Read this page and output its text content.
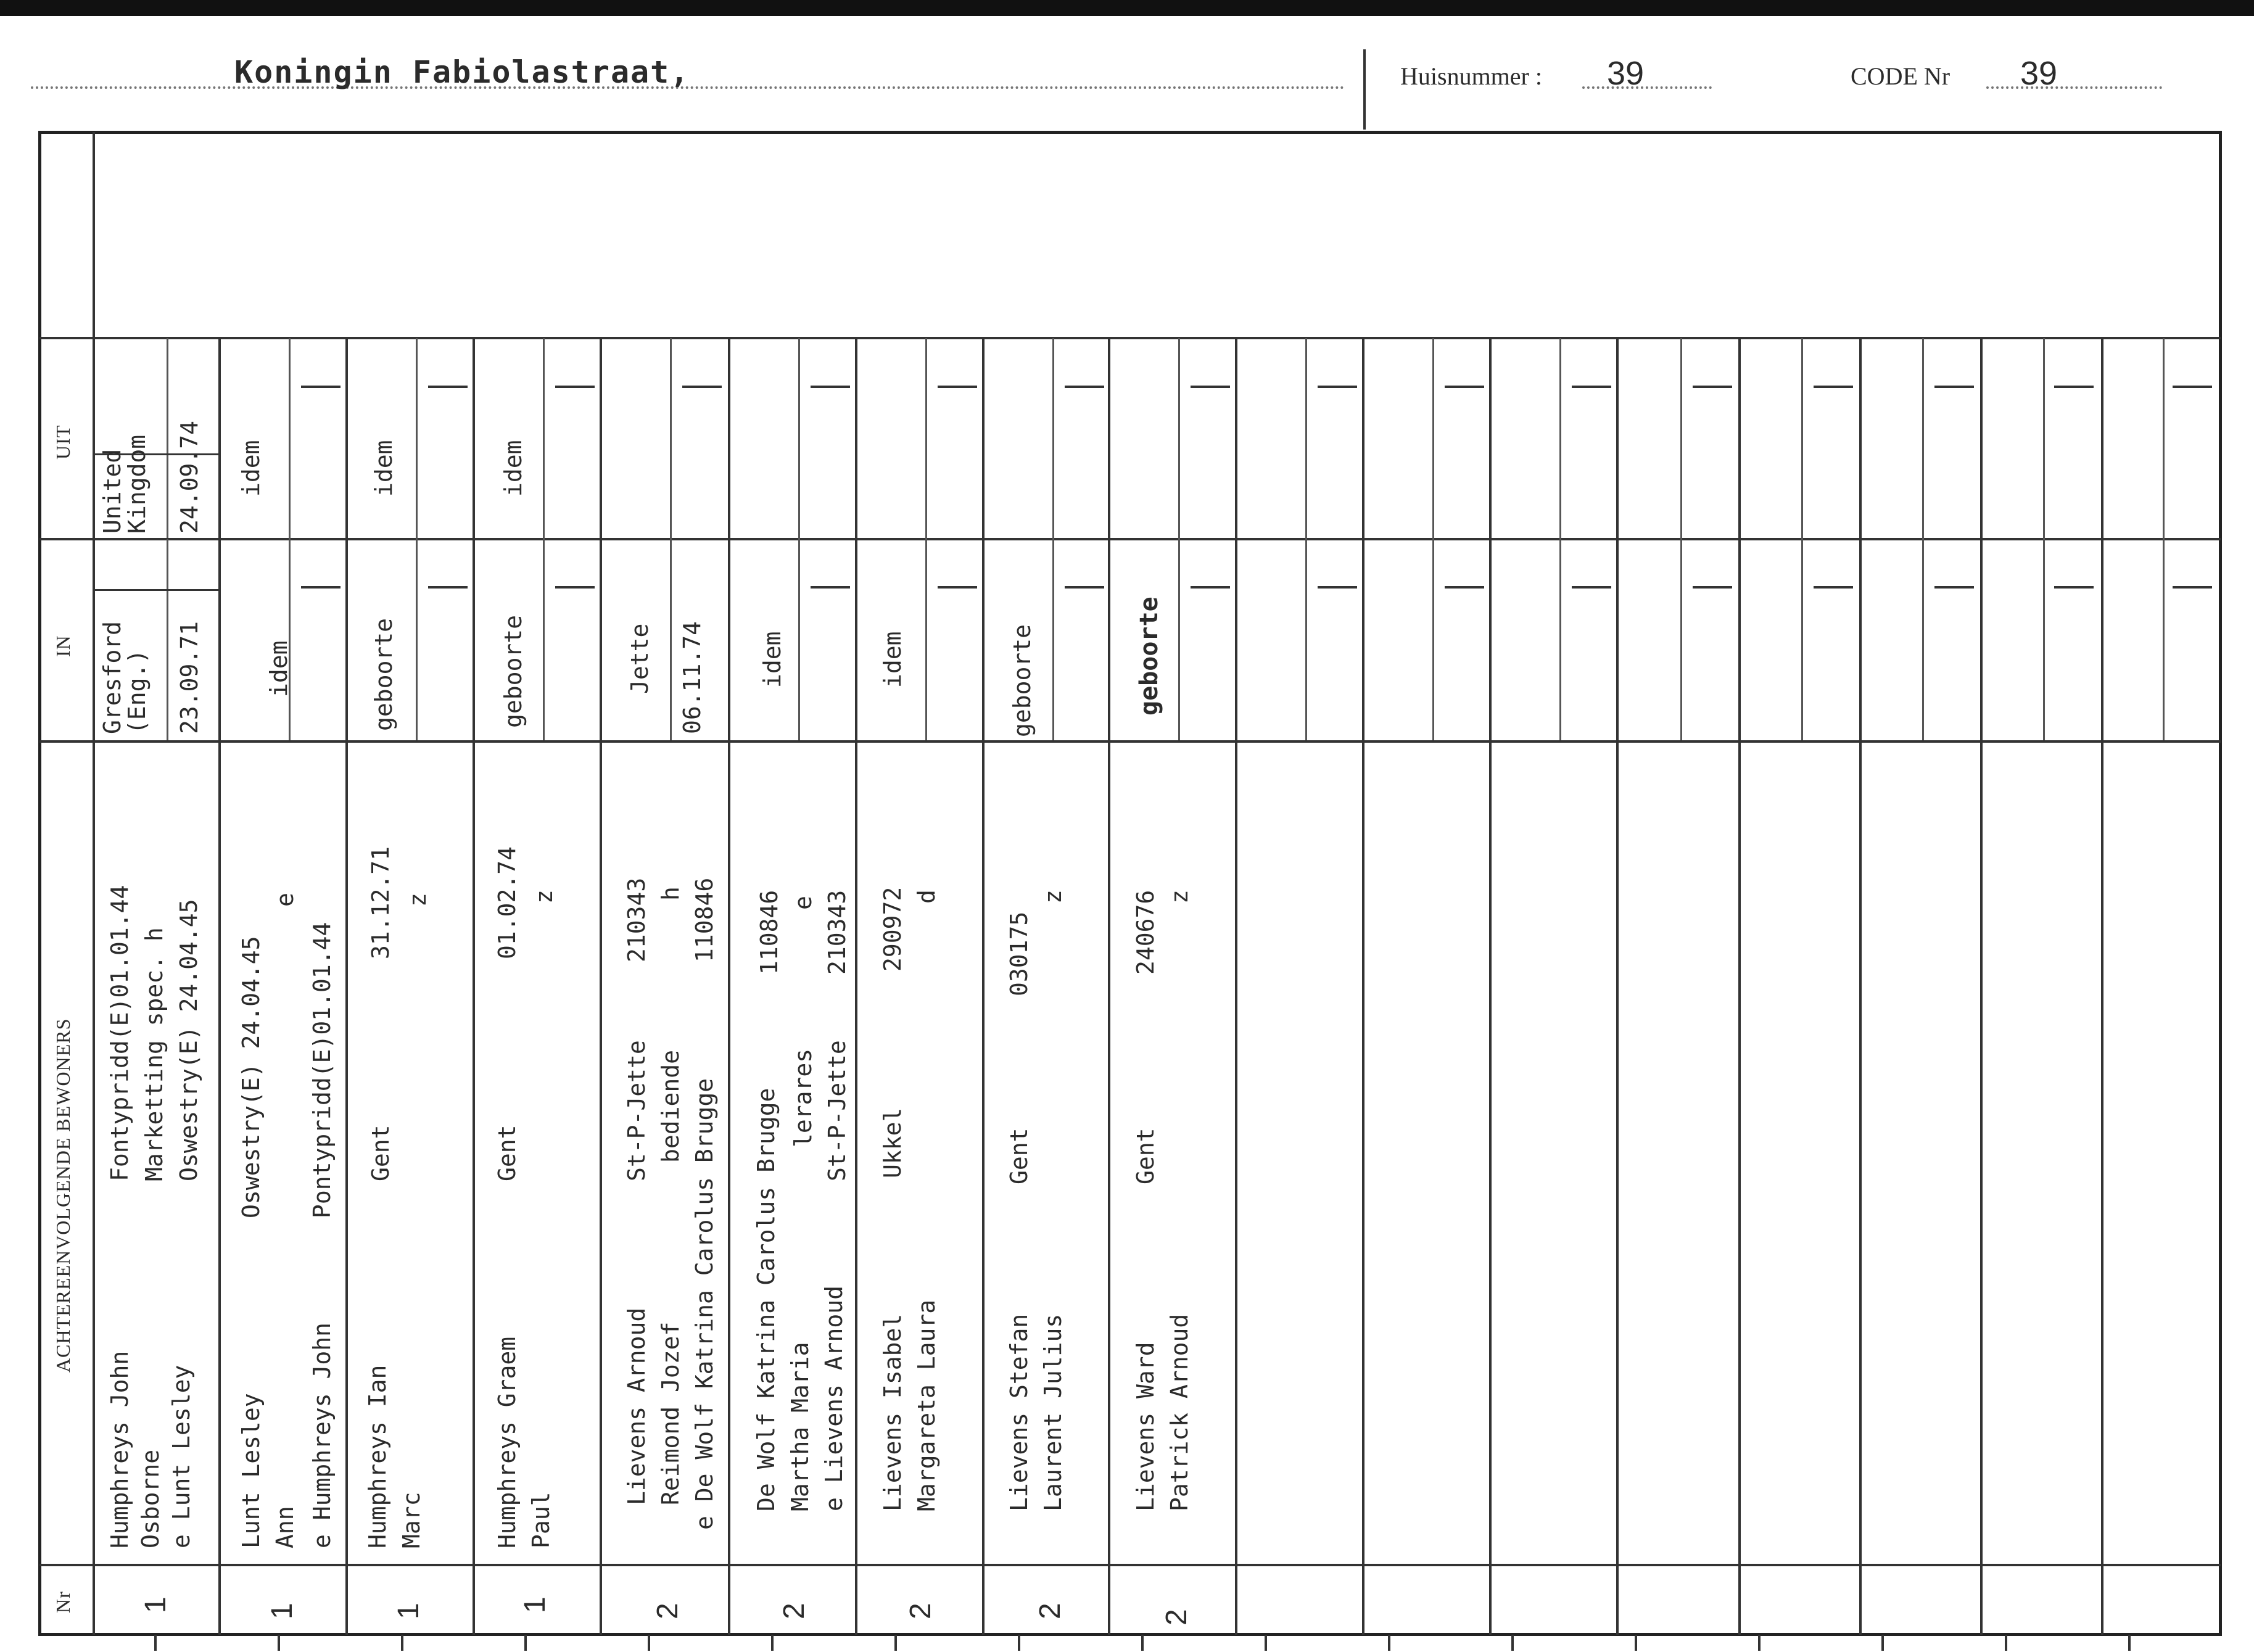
Koningin Fabiolastraat,	Huisnummer : 39	CODE Nr 39
UIT
IN
ACHTEREENVOLGENDE BEWONERS
Nr 1
Humphreys John Osborne e Lunt Lesley
Fontypridd(E)01.01.44 Marketting spec. h Oswestry(E) 24.04.45
Gresford
(Eng.) 23.09.71
United
Kingdom 24.09.74
1
Lunt Lesley Ann e Humphreys John
Oswestry(E) 24.04.45
e
Pontypridd(E)01.01.44
idem
idem
1
Humphreys Ian Marc
Gent
31.12.71 z
geboorte
idem
1
Humphreys Graem Paul
Gent
01.02.74 z
geboorte
idem
2
Lievens Arnoud Reimond Jozef e De Wolf Katrina Carolus Brugge
St-P-Jette
210343
bediende
h 110846
Jette 06.11.74
2
De Wolf Katrina Carolus Brugge Martha Maria e Lievens Arnoud
110846
lerares
e
St-P-Jette
210343
idem
2
Lievens Isabel Margareta Laura
Ukkel
290972 d
idem
2
Lievens Stefan Laurent Julius
Gent
030175
z
geboorte
2
Lievens Ward Patrick Arnoud
Gent
240676 z
geboorte
